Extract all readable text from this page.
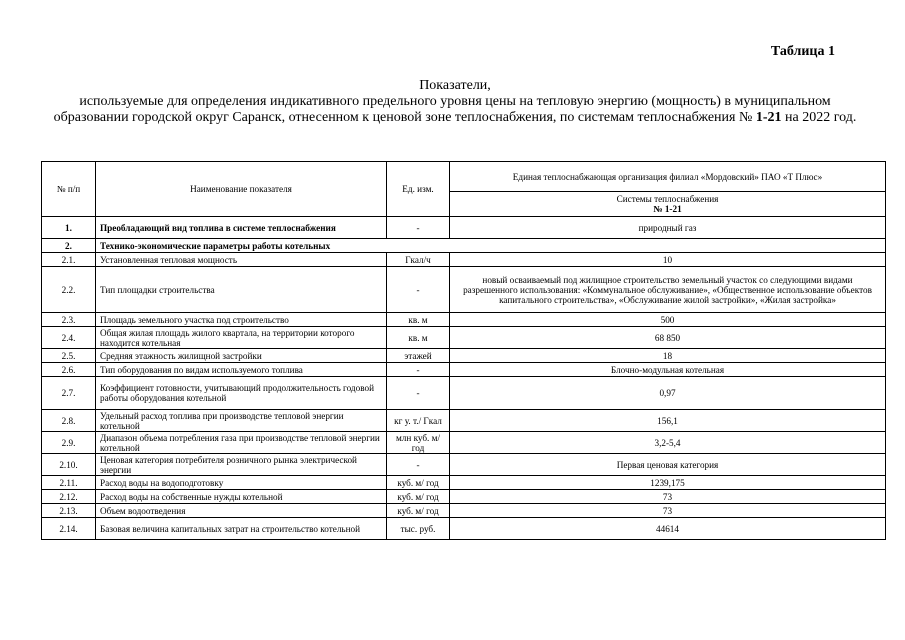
Таблица 1
Показатели,
используемые для определения индикативного предельного уровня цены на тепловую энергию (мощность) в муниципальном образовании городской округ Саранск, отнесенном к ценовой зоне теплоснабжения, по системам теплоснабжения № 1-21 на 2022 год.
№ п/п	Наименование показателя	Ед. изм.	Единая теплоснабжающая организация филиал «Мордовский» ПАО «Т Плюс»

			Системы теплоснабжения
№ 1-21

1.	Преобладающий вид топлива в системе теплоснабжения	-	природный газ
2.	Технико-экономические параметры работы котельных		
2.1.	Установленная тепловая мощность	Гкал/ч	10
2.2.	Тип площадки строительства	-	новый осваиваемый под жилищное строительство земельный участок со следующими видами разрешенного использования: «Коммунальное обслуживание», «Общественное использование объектов капитального строительства», «Обслуживание жилой застройки», «Жилая застройка»
2.3.	Площадь земельного участка под строительство	кв. м	500
2.4.	Общая жилая площадь жилого квартала, на территории которого находится котельная	кв. м	68 850
2.5.	Средняя этажность жилищной застройки	этажей	18
2.6.	Тип оборудования по видам используемого топлива	-	Блочно-модульная котельная
2.7.	Коэффициент готовности, учитывающий продолжительность годовой работы оборудования котельной	-	0,97
2.8.	Удельный расход топлива при производстве тепловой энергии котельной	кг у. т./ Гкал	156,1
2.9.	Диапазон объема потребления газа при производстве тепловой энергии котельной	млн куб. м/год	3,2-5,4
2.10.	Ценовая категория потребителя розничного рынка электрической энергии	-	Первая ценовая категория
2.11.	Расход воды на водоподготовку	куб. м/ год	1239,175
2.12.	Расход воды на собственные нужды котельной	куб. м/ год	73
2.13.	Объем водоотведения	куб. м/ год	73
2.14.	Базовая величина капитальных затрат на строительство котельной	тыс. руб.	44614
